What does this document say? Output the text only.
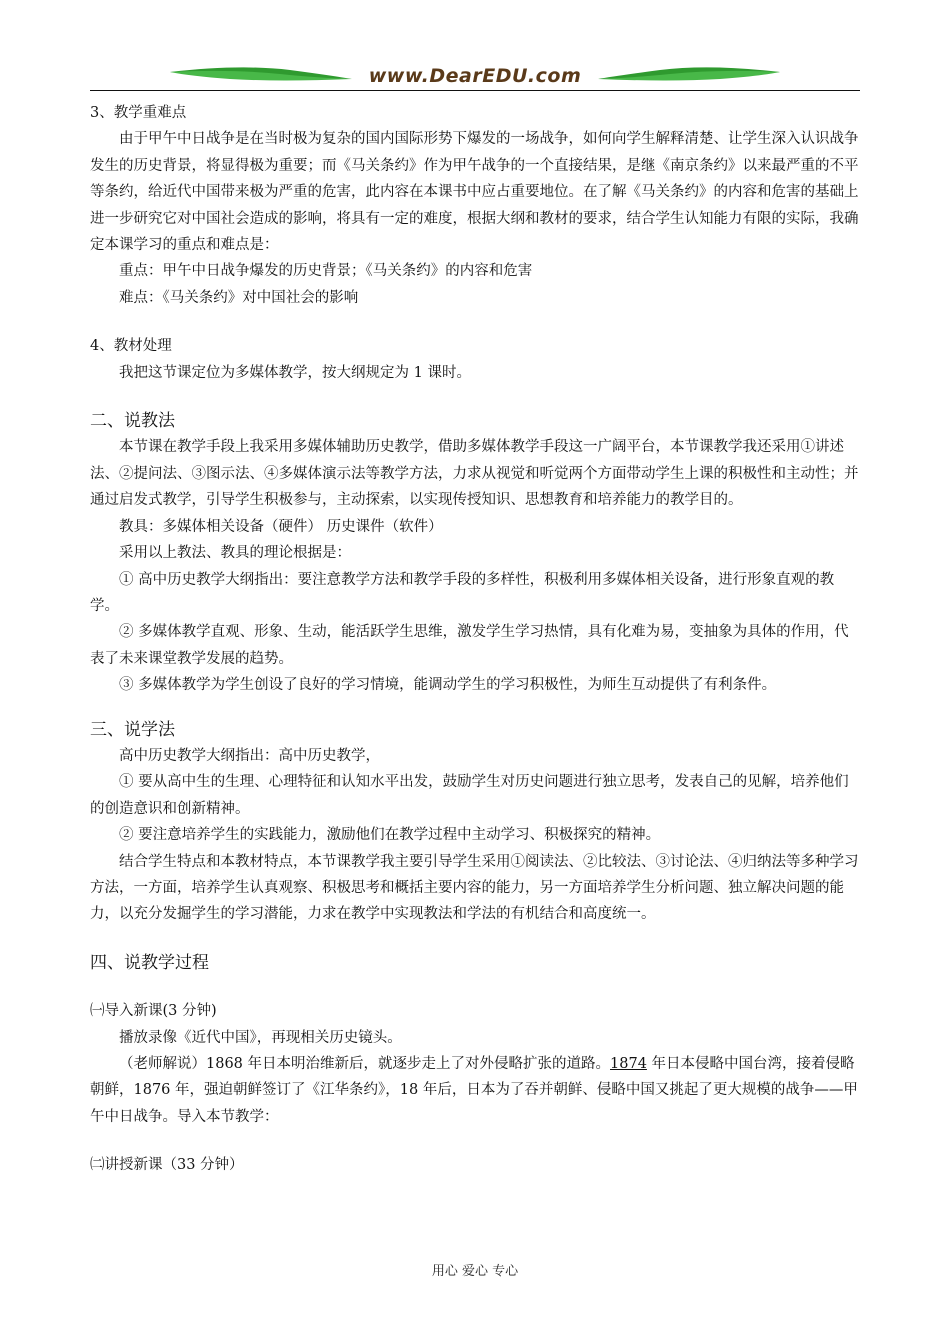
www.DearEDU.com

3、教学重难点

由于甲午中日战争是在当时极为复杂的国内国际形势下爆发的一场战争，如何向学生解释清楚、让学生深入认识战争发生的历史背景，将显得极为重要；而《马关条约》作为甲午战争的一个直接结果，是继《南京条约》以来最严重的不平等条约，给近代中国带来极为严重的危害，此内容在本课书中应占重要地位。在了解《马关条约》的内容和危害的基础上进一步研究它对中国社会造成的影响，将具有一定的难度，根据大纲和教材的要求，结合学生认知能力有限的实际，我确定本课学习的重点和难点是：

重点：甲午中日战争爆发的历史背景；《马关条约》的内容和危害

难点：《马关条约》对中国社会的影响

4、教材处理

我把这节课定位为多媒体教学，按大纲规定为 1 课时。

二、说教法

本节课在教学手段上我采用多媒体辅助历史教学，借助多媒体教学手段这一广阔平台，本节课教学我还采用①讲述法、②提问法、③图示法、④多媒体演示法等教学方法，力求从视觉和听觉两个方面带动学生上课的积极性和主动性；并通过启发式教学，引导学生积极参与，主动探索，以实现传授知识、思想教育和培养能力的教学目的。

教具：多媒体相关设备（硬件） 历史课件（软件）

采用以上教法、教具的理论根据是：

① 高中历史教学大纲指出：要注意教学方法和教学手段的多样性，积极利用多媒体相关设备，进行形象直观的教学。

② 多媒体教学直观、形象、生动，能活跃学生思维，激发学生学习热情，具有化难为易，变抽象为具体的作用，代表了未来课堂教学发展的趋势。

③ 多媒体教学为学生创设了良好的学习情境，能调动学生的学习积极性，为师生互动提供了有利条件。

三、说学法

高中历史教学大纲指出：高中历史教学，

① 要从高中生的生理、心理特征和认知水平出发，鼓励学生对历史问题进行独立思考，发表自己的见解，培养他们的创造意识和创新精神。

② 要注意培养学生的实践能力，激励他们在教学过程中主动学习、积极探究的精神。

结合学生特点和本教材特点，本节课教学我主要引导学生采用①阅读法、②比较法、③讨论法、④归纳法等多种学习方法，一方面，培养学生认真观察、积极思考和概括主要内容的能力，另一方面培养学生分析问题、独立解决问题的能力，以充分发掘学生的学习潜能，力求在教学中实现教法和学法的有机结合和高度统一。

四、说教学过程

㈠导入新课(3 分钟)

播放录像《近代中国》，再现相关历史镜头。

（老师解说）1868 年日本明治维新后，就逐步走上了对外侵略扩张的道路。1874 年日本侵略中国台湾，接着侵略朝鲜，1876 年，强迫朝鲜签订了《江华条约》，18 年后，日本为了吞并朝鲜、侵略中国又挑起了更大规模的战争——甲午中日战争。导入本节教学：

㈡讲授新课（33 分钟）

用心 爱心 专心
